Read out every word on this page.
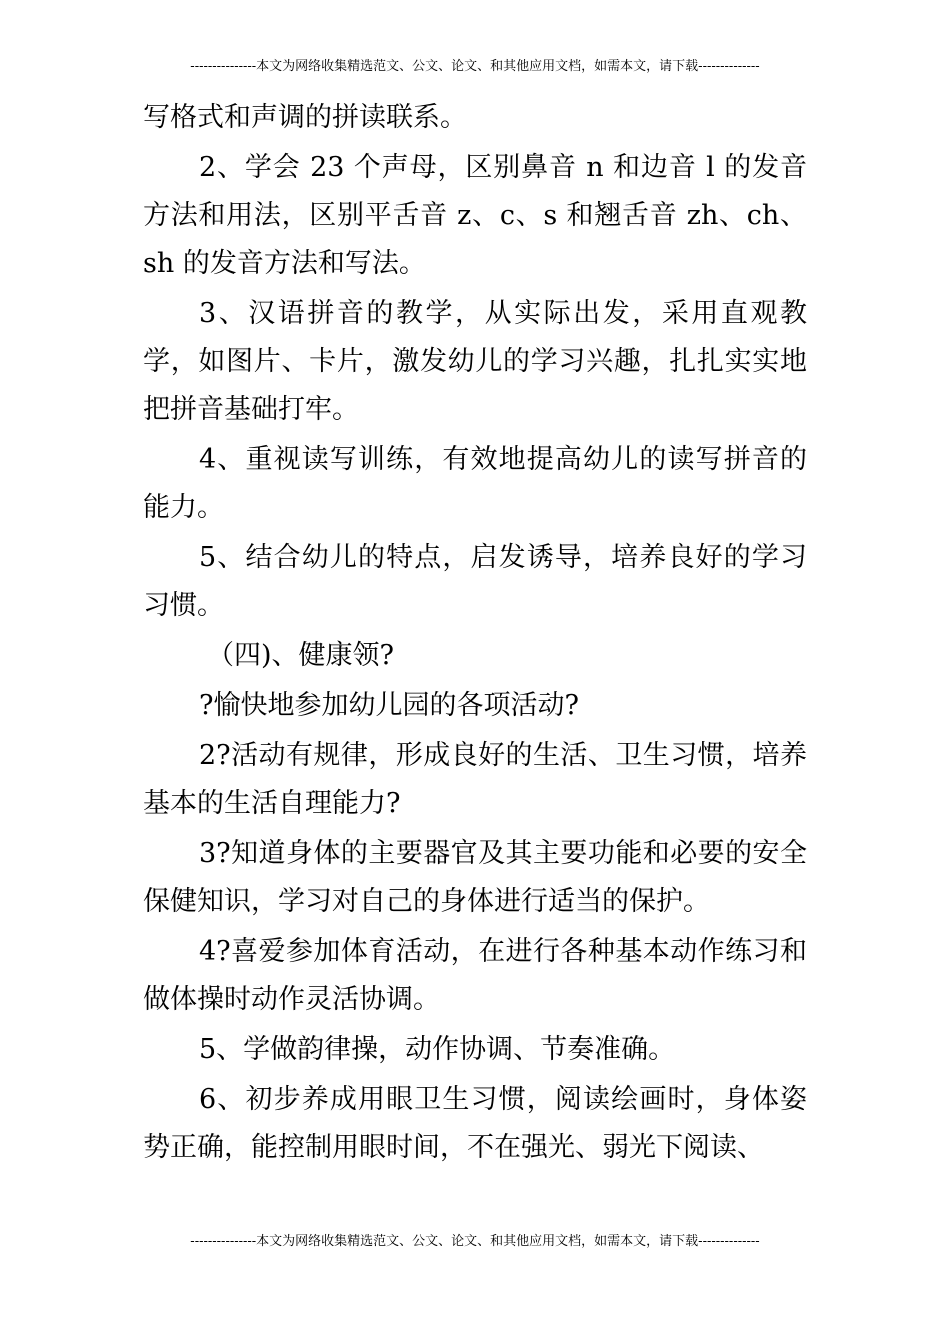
---------------本文为网络收集精选范文、公文、论文、和其他应用文档，如需本文，请下载--------------

写格式和声调的拼读联系。

2、学会 23 个声母，区别鼻音 n 和边音 l 的发音方法和用法，区别平舌音 z、c、s 和翘舌音 zh、ch、sh 的发音方法和写法。

3、汉语拼音的教学，从实际出发，采用直观教学，如图片、卡片，激发幼儿的学习兴趣，扎扎实实地把拼音基础打牢。

4、重视读写训练，有效地提高幼儿的读写拼音的能力。

5、结合幼儿的特点，启发诱导，培养良好的学习习惯。

（四)、健康领?

?愉快地参加幼儿园的各项活动?

2?活动有规律，形成良好的生活、卫生习惯，培养基本的生活自理能力?

3?知道身体的主要器官及其主要功能和必要的安全保健知识，学习对自己的身体进行适当的保护。

4?喜爱参加体育活动，在进行各种基本动作练习和做体操时动作灵活协调。

5、学做韵律操，动作协调、节奏准确。

6、初步养成用眼卫生习惯，阅读绘画时，身体姿势正确，能控制用眼时间，不在强光、弱光下阅读、

---------------本文为网络收集精选范文、公文、论文、和其他应用文档，如需本文，请下载--------------
